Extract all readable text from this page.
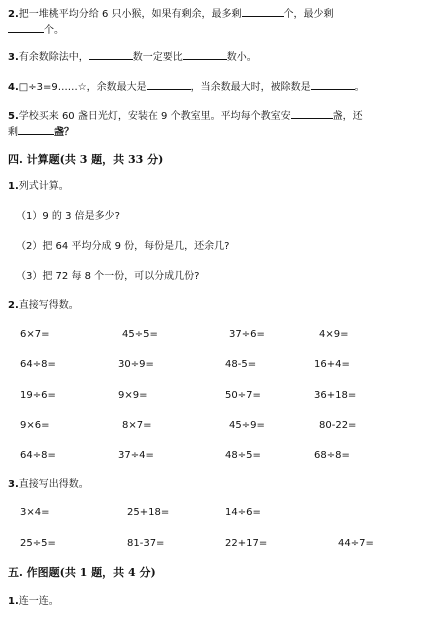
2.把一堆桃平均分给 6 只小猴，如果有剩余，最多剩	个，最少剩
个。
3.有余数除法中，	数一定要比	数小。
4.□÷3=9……☆，余数最大是	，当余数最大时，被除数是	。
5.学校买来 60 盏日光灯，安装在 9 个教室里。平均每个教室安	盏，还
剩	盏？
四. 计算题(共 3 题，共 33 分)
1.列式计算。
（1）9 的 3 倍是多少?
（2）把 64 平均分成 9 份，每份是几，还余几?
（3）把 72 每 8 个一份，可以分成几份?
2.直接写得数。
6×7=	45÷5=	37÷6=	4×9=
64÷8=	30÷9=	48-5=	16+4=
19÷6=	9×9=	50÷7=	36+18=
9×6=	8×7=	45÷9=	80-22=
64÷8=	37÷4=	48÷5=	68÷8=
3.直接写出得数。
3×4=	25+18=	14÷6=
25÷5=	81-37=	22+17=	44÷7=
五. 作图题(共 1 题，共 4 分)
1.连一连。
